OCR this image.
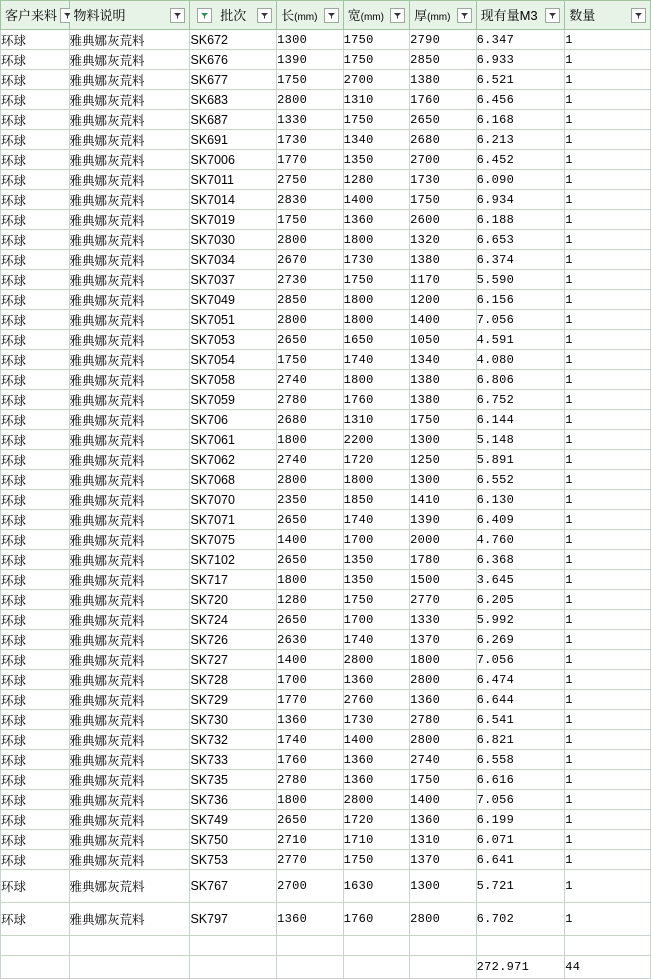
客户来料	物料说明	批次	长(mm)	宽(mm)	厚(mm)	现有量M3	数量

环球	雅典娜灰荒料	SK672	1300	1750	2790	6.347	1
环球	雅典娜灰荒料	SK676	1390	1750	2850	6.933	1
环球	雅典娜灰荒料	SK677	1750	2700	1380	6.521	1
环球	雅典娜灰荒料	SK683	2800	1310	1760	6.456	1
环球	雅典娜灰荒料	SK687	1330	1750	2650	6.168	1
环球	雅典娜灰荒料	SK691	1730	1340	2680	6.213	1
环球	雅典娜灰荒料	SK7006	1770	1350	2700	6.452	1
环球	雅典娜灰荒料	SK7011	2750	1280	1730	6.090	1
环球	雅典娜灰荒料	SK7014	2830	1400	1750	6.934	1
环球	雅典娜灰荒料	SK7019	1750	1360	2600	6.188	1
环球	雅典娜灰荒料	SK7030	2800	1800	1320	6.653	1
环球	雅典娜灰荒料	SK7034	2670	1730	1380	6.374	1
环球	雅典娜灰荒料	SK7037	2730	1750	1170	5.590	1
环球	雅典娜灰荒料	SK7049	2850	1800	1200	6.156	1
环球	雅典娜灰荒料	SK7051	2800	1800	1400	7.056	1
环球	雅典娜灰荒料	SK7053	2650	1650	1050	4.591	1
环球	雅典娜灰荒料	SK7054	1750	1740	1340	4.080	1
环球	雅典娜灰荒料	SK7058	2740	1800	1380	6.806	1
环球	雅典娜灰荒料	SK7059	2780	1760	1380	6.752	1
环球	雅典娜灰荒料	SK706	2680	1310	1750	6.144	1
环球	雅典娜灰荒料	SK7061	1800	2200	1300	5.148	1
环球	雅典娜灰荒料	SK7062	2740	1720	1250	5.891	1
环球	雅典娜灰荒料	SK7068	2800	1800	1300	6.552	1
环球	雅典娜灰荒料	SK7070	2350	1850	1410	6.130	1
环球	雅典娜灰荒料	SK7071	2650	1740	1390	6.409	1
环球	雅典娜灰荒料	SK7075	1400	1700	2000	4.760	1
环球	雅典娜灰荒料	SK7102	2650	1350	1780	6.368	1
环球	雅典娜灰荒料	SK717	1800	1350	1500	3.645	1
环球	雅典娜灰荒料	SK720	1280	1750	2770	6.205	1
环球	雅典娜灰荒料	SK724	2650	1700	1330	5.992	1
环球	雅典娜灰荒料	SK726	2630	1740	1370	6.269	1
环球	雅典娜灰荒料	SK727	1400	2800	1800	7.056	1
环球	雅典娜灰荒料	SK728	1700	1360	2800	6.474	1
环球	雅典娜灰荒料	SK729	1770	2760	1360	6.644	1
环球	雅典娜灰荒料	SK730	1360	1730	2780	6.541	1
环球	雅典娜灰荒料	SK732	1740	1400	2800	6.821	1
环球	雅典娜灰荒料	SK733	1760	1360	2740	6.558	1
环球	雅典娜灰荒料	SK735	2780	1360	1750	6.616	1
环球	雅典娜灰荒料	SK736	1800	2800	1400	7.056	1
环球	雅典娜灰荒料	SK749	2650	1720	1360	6.199	1
环球	雅典娜灰荒料	SK750	2710	1710	1310	6.071	1
环球	雅典娜灰荒料	SK753	2770	1750	1370	6.641	1
环球	雅典娜灰荒料	SK767	2700	1630	1300	5.721	1
环球	雅典娜灰荒料	SK797	1360	1760	2800	6.702	1

						272.971	44
